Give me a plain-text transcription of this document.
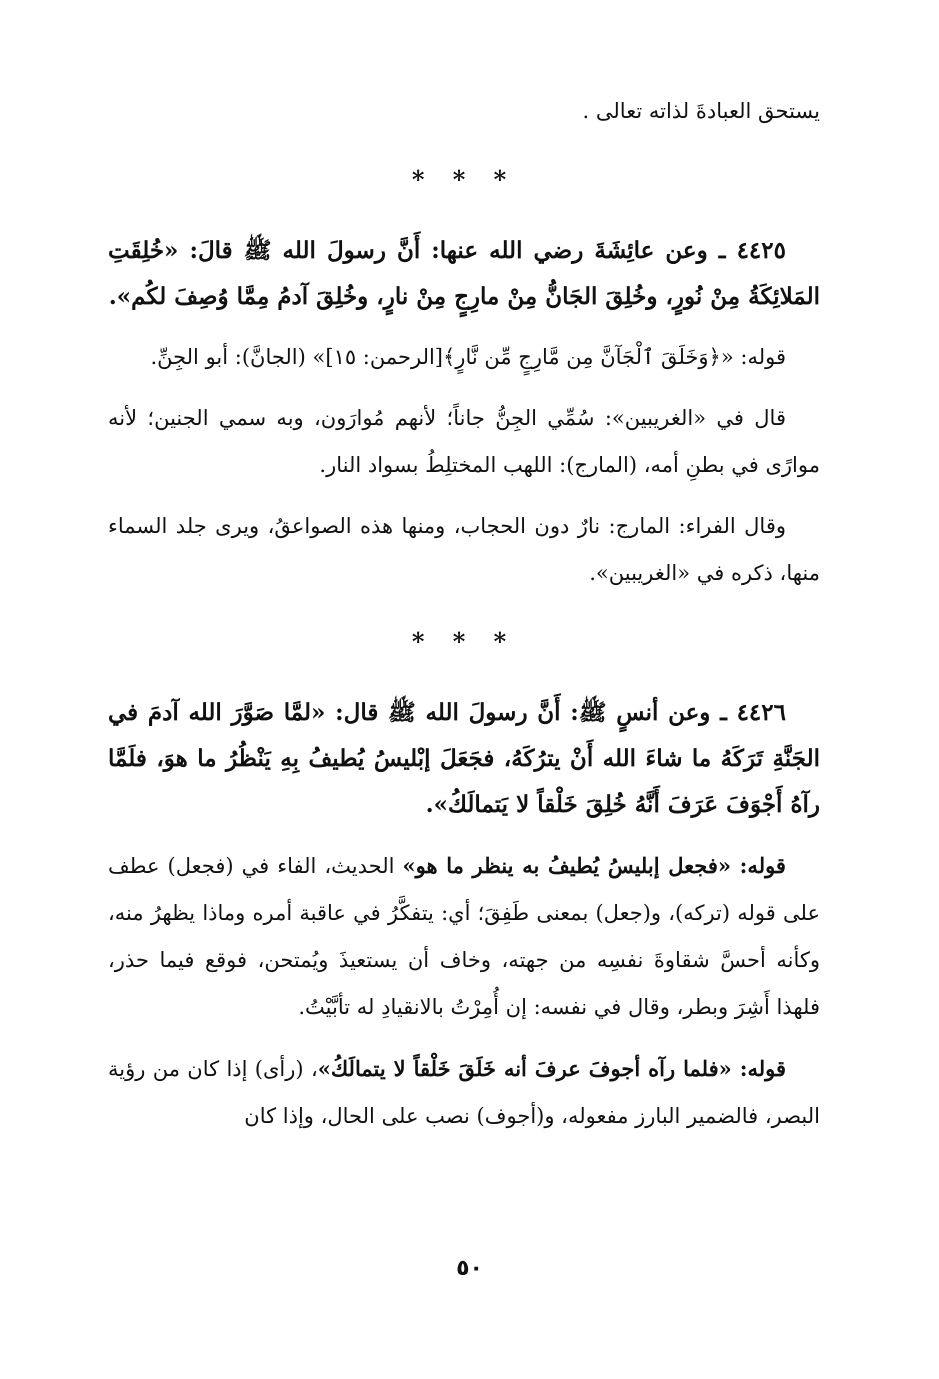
يستحق العبادةَ لذاته تعالى .

* * *

٤٤٢٥ ـ وعن عائِشَةَ رضي الله عنها: أَنَّ رسولَ الله ﷺ قالَ: «خُلِقَتِ المَلائِكَةُ مِنْ نُورٍ، وخُلِقَ الجَانُّ مِنْ مارِجٍ مِنْ نارٍ، وخُلِقَ آدمُ مِمَّا وُصِفَ لكُم».

قوله: «﴿وَخَلَقَ ٱلْجَآنَّ مِن مَّارِجٍ مِّن نَّارٍ﴾[الرحمن: ١٥]» (الجانَّ): أبو الجِنِّ.

قال في «الغريبين»: سُمِّي الجِنُّ جاناً؛ لأنهم مُوارَون، وبه سمي الجنين؛ لأنه موارًى في بطنِ أمه، (المارج): اللهب المختلِطُ بسواد النار.

وقال الفراء: المارج: نارٌ دون الحجاب، ومنها هذه الصواعقُ، ويرى جلد السماء منها، ذكره في «الغريبين».

* * *

٤٤٢٦ ـ وعن أنسٍ ﷺ: أَنَّ رسولَ الله ﷺ قال: «لمَّا صَوَّرَ الله آدمَ في الجَنَّةِ تَرَكَهُ ما شاءَ الله أَنْ يترُكَهُ، فجَعَلَ إبْليسُ يُطيفُ بِهِ يَنْظُرُ ما هوَ، فلَمَّا رآهُ أَجْوَفَ عَرَفَ أَنَّهُ خُلِقَ خَلْقاً لا يَتمالَكُ».

قوله: «فجعل إبليسُ يُطيفُ به ينظر ما هو» الحديث، الفاء في (فجعل) عطف على قوله (تركه)، و(جعل) بمعنى طَفِقَ؛ أي: يتفكَّرُ في عاقبة أمره وماذا يظهرُ منه، وكأنه أحسَّ شقاوةَ نفسِه من جهته، وخاف أن يستعيذَ ويُمتحن، فوقع فيما حذر، فلهذا أَشِرَ وبطر، وقال في نفسه: إن أُمِرْتُ بالانقيادِ له تأبَّيْتُ.

قوله: «فلما رآه أجوفَ عرفَ أنه خَلَقَ خَلْقاً لا يتمالَكُ»، (رأى) إذا كان من رؤية البصر، فالضمير البارز مفعوله، و(أجوف) نصب على الحال، وإذا كان

٥٠
